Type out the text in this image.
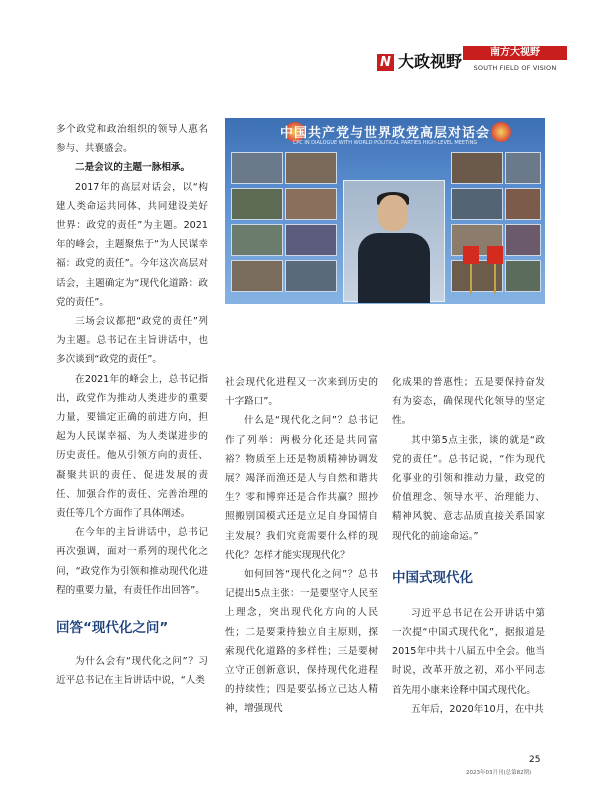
N 大政视野	南方大视野
SOUTH FIELD OF VISION
中国共产党与世界政党高层对话会
CPC IN DIALOGUE WITH WORLD POLITICAL PARTIES HIGH-LEVEL MEETING

多个政党和政治组织的领导人惠名参与、共襄盛会。

二是会议的主题一脉相承。

2017年的高层对话会，以“构建人类命运共同体、共同建设美好世界：政党的责任”为主题。2021年的峰会，主题聚焦于“为人民谋幸福：政党的责任”。今年这次高层对话会，主题确定为“现代化道路：政党的责任”。

三场会议都把“政党的责任”列为主题。总书记在主旨讲话中，也多次谈到“政党的责任”。

在2021年的峰会上，总书记指出，政党作为推动人类进步的重要力量，要锚定正确的前进方向，担起为人民谋幸福、为人类谋进步的历史责任。他从引领方向的责任、凝聚共识的责任、促进发展的责任、加强合作的责任、完善治理的责任等几个方面作了具体阐述。

在今年的主旨讲话中，总书记再次强调，面对一系列的现代化之问，“政党作为引领和推动现代化进程的重要力量，有责任作出回答”。

回答“现代化之问”

为什么会有“现代化之问”？习近平总书记在主旨讲话中说，“人类

社会现代化进程又一次来到历史的十字路口”。

什么是“现代化之问”？总书记作了列举：两极分化还是共同富裕？物质至上还是物质精神协调发展？竭泽而渔还是人与自然和谐共生？零和博弈还是合作共赢？照抄照搬别国模式还是立足自身国情自主发展？我们究竟需要什么样的现代化？怎样才能实现现代化？

如何回答“现代化之问”？总书记提出5点主张：一是要坚守人民至上理念，突出现代化方向的人民性；二是要秉持独立自主原则，探索现代化道路的多样性；三是要树立守正创新意识，保持现代化进程的持续性；四是要弘扬立己达人精神，增强现代

化成果的普惠性；五是要保持奋发有为姿态，确保现代化领导的坚定性。

其中第5点主张，谈的就是“政党的责任”。总书记说，“作为现代化事业的引领和推动力量，政党的价值理念、领导水平、治理能力、精神风貌、意志品质直接关系国家现代化的前途命运。”

中国式现代化

习近平总书记在公开讲话中第一次提“中国式现代化”，据报道是2015年中共十八届五中全会。他当时说，改革开放之初，邓小平同志首先用小康来诠释中国式现代化。

五年后，2020年10月，在中共

25
2023年03月刊(总第82期)
